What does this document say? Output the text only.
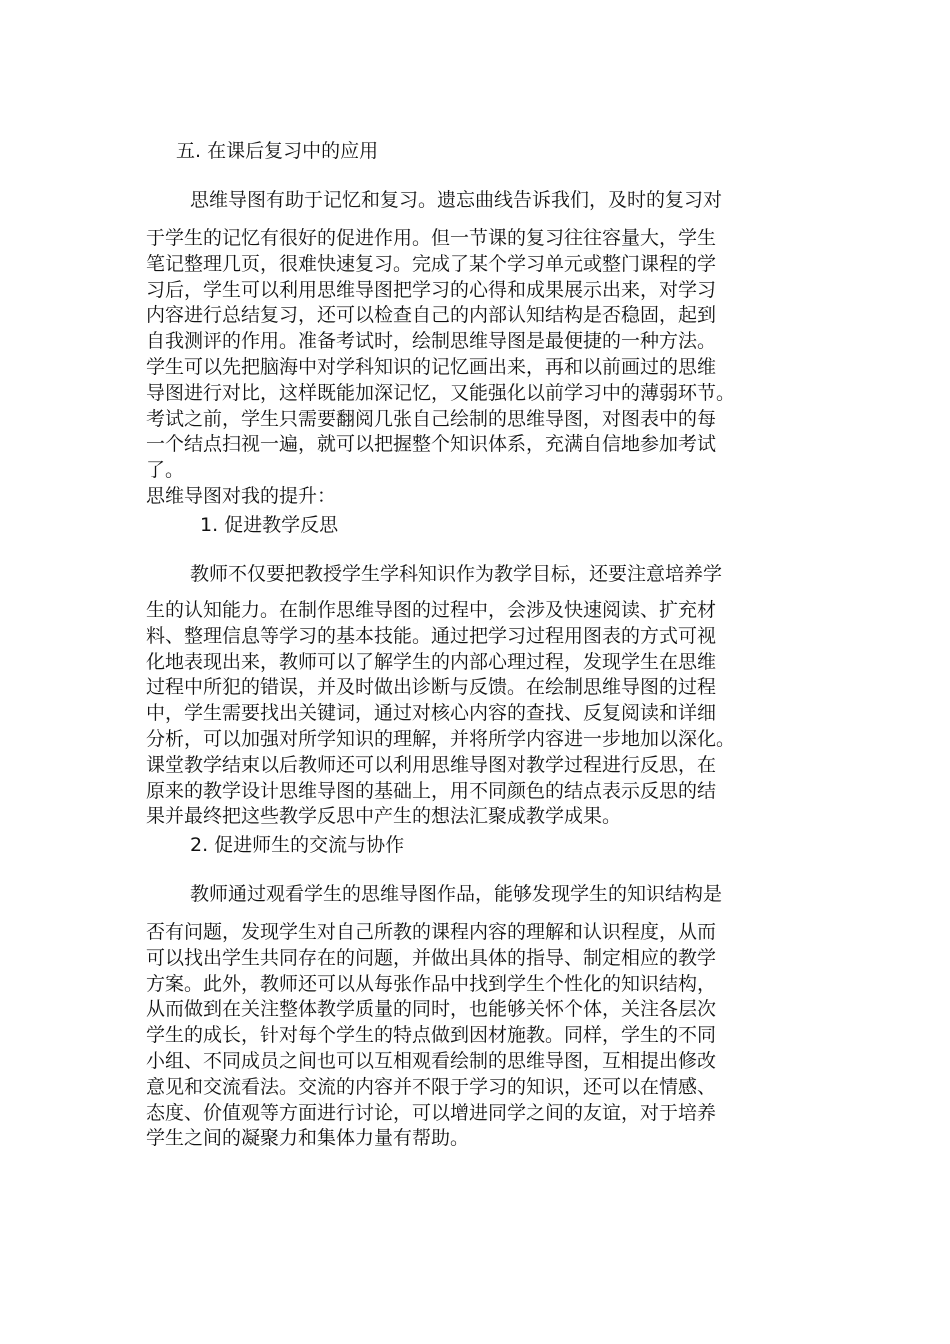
五. 在课后复习中的应用
思维导图有助于记忆和复习。遗忘曲线告诉我们，及时的复习对
于学生的记忆有很好的促进作用。但一节课的复习往往容量大，学生
笔记整理几页，很难快速复习。完成了某个学习单元或整门课程的学
习后，学生可以利用思维导图把学习的心得和成果展示出来，对学习
内容进行总结复习，还可以检查自己的内部认知结构是否稳固，起到
自我测评的作用。准备考试时，绘制思维导图是最便捷的一种方法。
学生可以先把脑海中对学科知识的记忆画出来，再和以前画过的思维
导图进行对比，这样既能加深记忆，又能强化以前学习中的薄弱环节。
考试之前，学生只需要翻阅几张自己绘制的思维导图，对图表中的每
一个结点扫视一遍，就可以把握整个知识体系，充满自信地参加考试
了。
思维导图对我的提升：
1. 促进教学反思
教师不仅要把教授学生学科知识作为教学目标，还要注意培养学
生的认知能力。在制作思维导图的过程中，会涉及快速阅读、扩充材
料、整理信息等学习的基本技能。通过把学习过程用图表的方式可视
化地表现出来，教师可以了解学生的内部心理过程，发现学生在思维
过程中所犯的错误，并及时做出诊断与反馈。在绘制思维导图的过程
中，学生需要找出关键词，通过对核心内容的查找、反复阅读和详细
分析，可以加强对所学知识的理解，并将所学内容进一步地加以深化。
课堂教学结束以后教师还可以利用思维导图对教学过程进行反思，在
原来的教学设计思维导图的基础上，用不同颜色的结点表示反思的结
果并最终把这些教学反思中产生的想法汇聚成教学成果。
2. 促进师生的交流与协作
教师通过观看学生的思维导图作品，能够发现学生的知识结构是
否有问题，发现学生对自己所教的课程内容的理解和认识程度，从而
可以找出学生共同存在的问题，并做出具体的指导、制定相应的教学
方案。此外，教师还可以从每张作品中找到学生个性化的知识结构，
从而做到在关注整体教学质量的同时，也能够关怀个体，关注各层次
学生的成长，针对每个学生的特点做到因材施教。同样，学生的不同
小组、不同成员之间也可以互相观看绘制的思维导图，互相提出修改
意见和交流看法。交流的内容并不限于学习的知识，还可以在情感、
态度、价值观等方面进行讨论，可以增进同学之间的友谊，对于培养
学生之间的凝聚力和集体力量有帮助。
